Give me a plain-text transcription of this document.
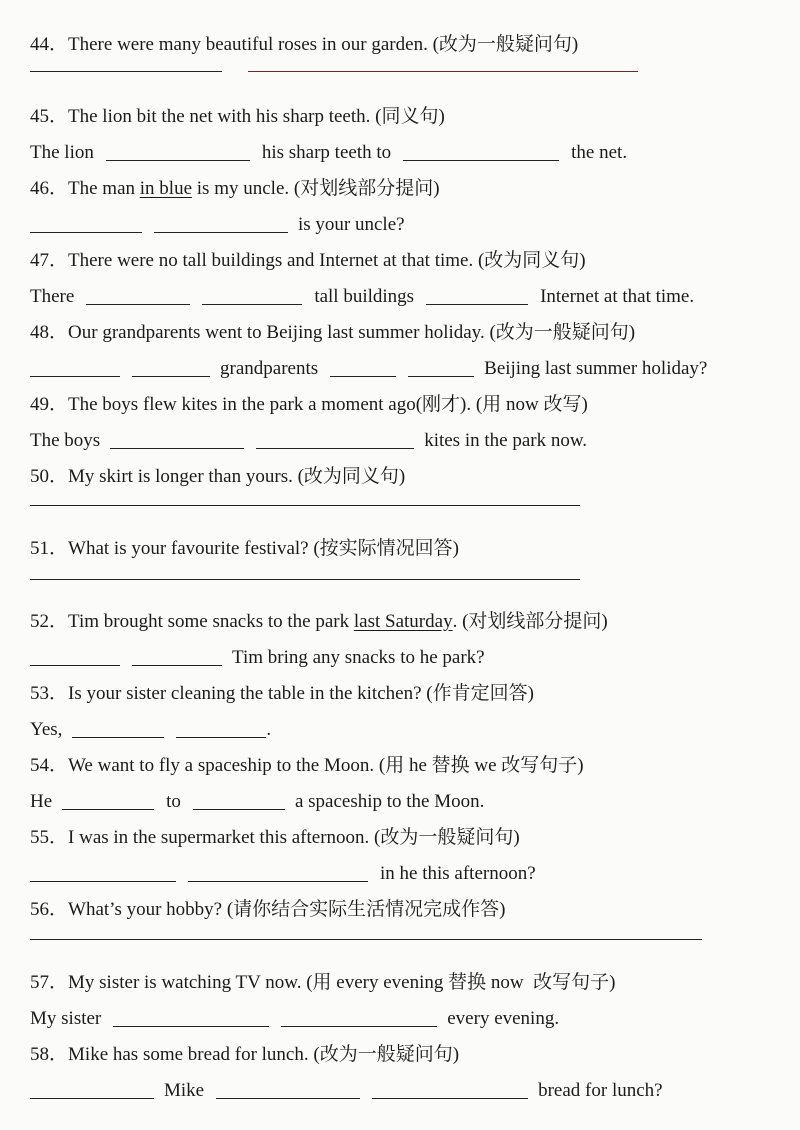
44 ． There were many beautiful roses in our garden.
(改为一般疑问句)
45 ． The lion bit the net with his sharp teeth.
(同义句)
The lion	his sharp teeth to	the net.
46 ． The man in blue is my uncle.
(对划线部分提问)
is your uncle?
47 ． There were no tall buildings and Internet at that time.
(改为同义句)
There	tall buildings	Internet at that time.
48 ． Our grandparents went to Beijing last summer holiday.
(改为一般疑问句)
grandparents	Beijing last summer holiday?
49 ． The boys flew kites in the park a moment ago(刚才).
(用 now 改写)
The boys	kites in the park now.
50 ． My skirt is longer than yours.
(改为同义句)
51 ． What is your favourite festival?
(按实际情况回答)
52 ． Tim brought some snacks to the park last Saturday .
(对划线部分提问)
Tim bring any snacks to he park?
53 ． Is your sister cleaning the table in the kitchen?
(作肯定回答)
Yes,	.
54 ． We want to fly a spaceship to the Moon.
(用 he 替换 we 改写句子)
He	to	a spaceship to the Moon.
55 ． I was in the supermarket this afternoon.
(改为一般疑问句)
in he this afternoon?
56 ． What’s your hobby?
(请你结合实际生活情况完成作答)
57 ． My sister is watching TV now.
(用 every evening 替换 now  改写句子)
My sister	every evening.
58 ． Mike has some bread for lunch.
(改为一般疑问句)
Mike	bread for lunch?
